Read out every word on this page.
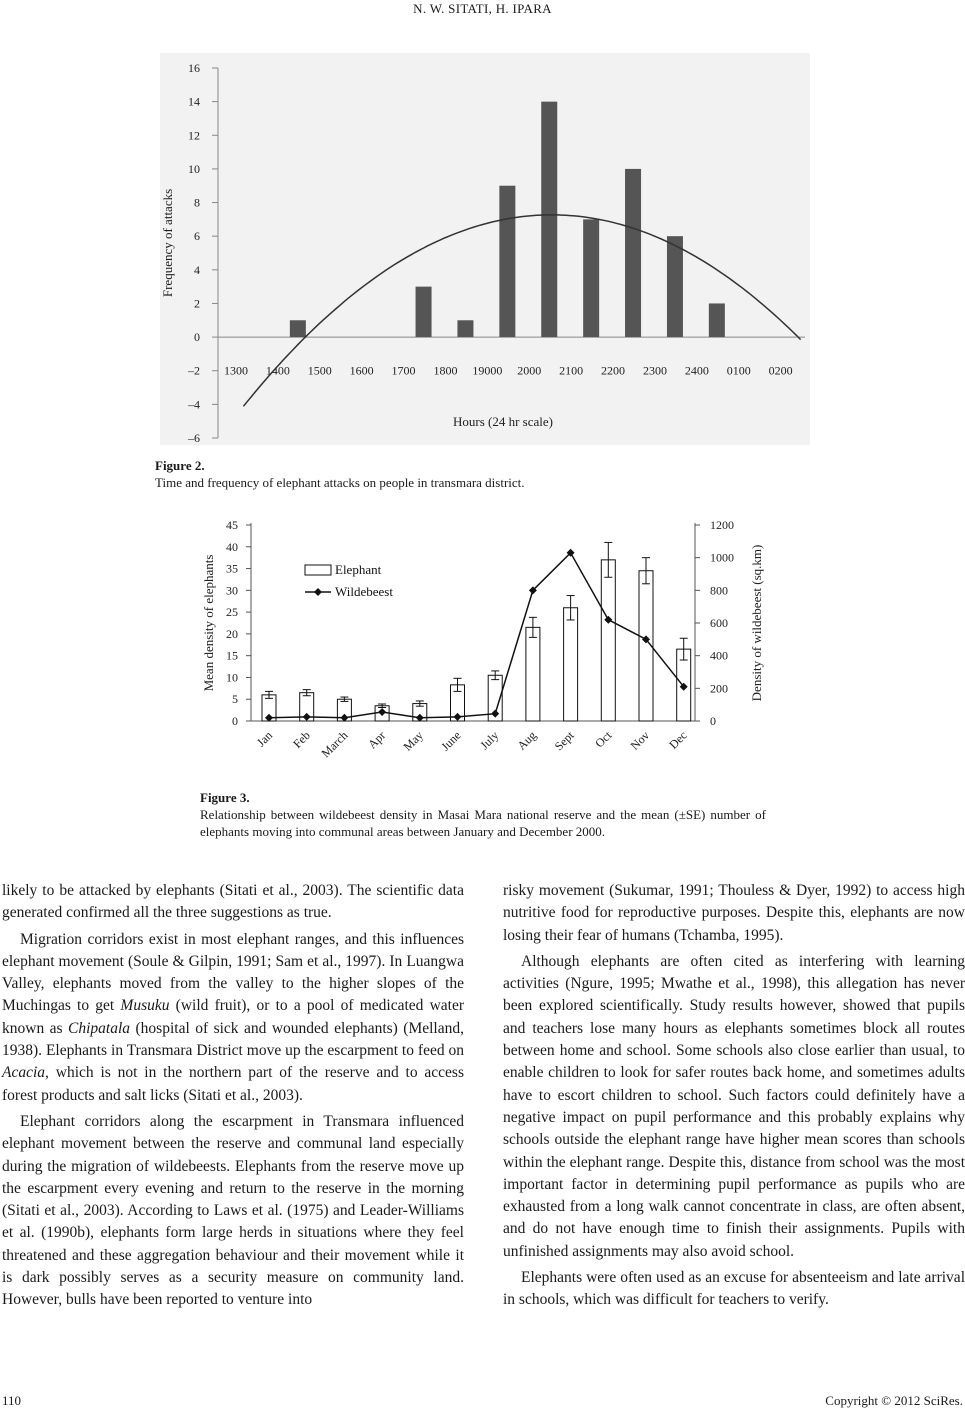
N. W. SITATI, H. IPARA
16
14
12
10
8
6
4
2
0
–2
–4
–6
1300 1400 1500 1600 1700 1800 19000 2000 2100 2200 2300 2400 0100 0200
Frequency of attacks
Hours (24 hr scale)
Figure 2.
Time and frequency of elephant attacks on people in transmara district.
45
40
35
30
25
20
15
10
5
0
1200
1000
800
600
400
200
0
Jan Feb March Apr May June July Aug Sept Oct Nov Dec
Mean density of elephants	Density of wildebeest (sq.km)
Elephant
Wildebeest
Figure 3.
Relationship between wildebeest density in Masai Mara national reserve and the mean (±SE) number of elephants moving into communal areas between January and December 2000.

likely to be attacked by elephants (Sitati et al., 2003). The scientific data generated confirmed all the three suggestions as true.

Migration corridors exist in most elephant ranges, and this influences elephant movement (Soule & Gilpin, 1991; Sam et al., 1997). In Luangwa Valley, elephants moved from the valley to the higher slopes of the Muchingas to get Musuku (wild fruit), or to a pool of medicated water known as Chipatala (hospital of sick and wounded elephants) (Melland, 1938). Elephants in Transmara District move up the escarpment to feed on Acacia, which is not in the northern part of the reserve and to access forest products and salt licks (Sitati et al., 2003).

Elephant corridors along the escarpment in Transmara influenced elephant movement between the reserve and communal land especially during the migration of wildebeests. Elephants from the reserve move up the escarpment every evening and return to the reserve in the morning (Sitati et al., 2003). According to Laws et al. (1975) and Leader-Williams et al. (1990b), elephants form large herds in situations where they feel threatened and these aggregation behaviour and their movement while it is dark possibly serves as a security measure on community land. However, bulls have been reported to venture into

risky movement (Sukumar, 1991; Thouless & Dyer, 1992) to access high nutritive food for reproductive purposes. Despite this, elephants are now losing their fear of humans (Tchamba, 1995).

Although elephants are often cited as interfering with learning activities (Ngure, 1995; Mwathe et al., 1998), this allegation has never been explored scientifically. Study results however, showed that pupils and teachers lose many hours as elephants sometimes block all routes between home and school. Some schools also close earlier than usual, to enable children to look for safer routes back home, and sometimes adults have to escort children to school. Such factors could definitely have a negative impact on pupil performance and this probably explains why schools outside the elephant range have higher mean scores than schools within the elephant range. Despite this, distance from school was the most important factor in determining pupil performance as pupils who are exhausted from a long walk cannot concentrate in class, are often absent, and do not have enough time to finish their assignments. Pupils with unfinished assignments may also avoid school.

Elephants were often used as an excuse for absenteeism and late arrival in schools, which was difficult for teachers to verify.

110	Copyright © 2012 SciRes.
